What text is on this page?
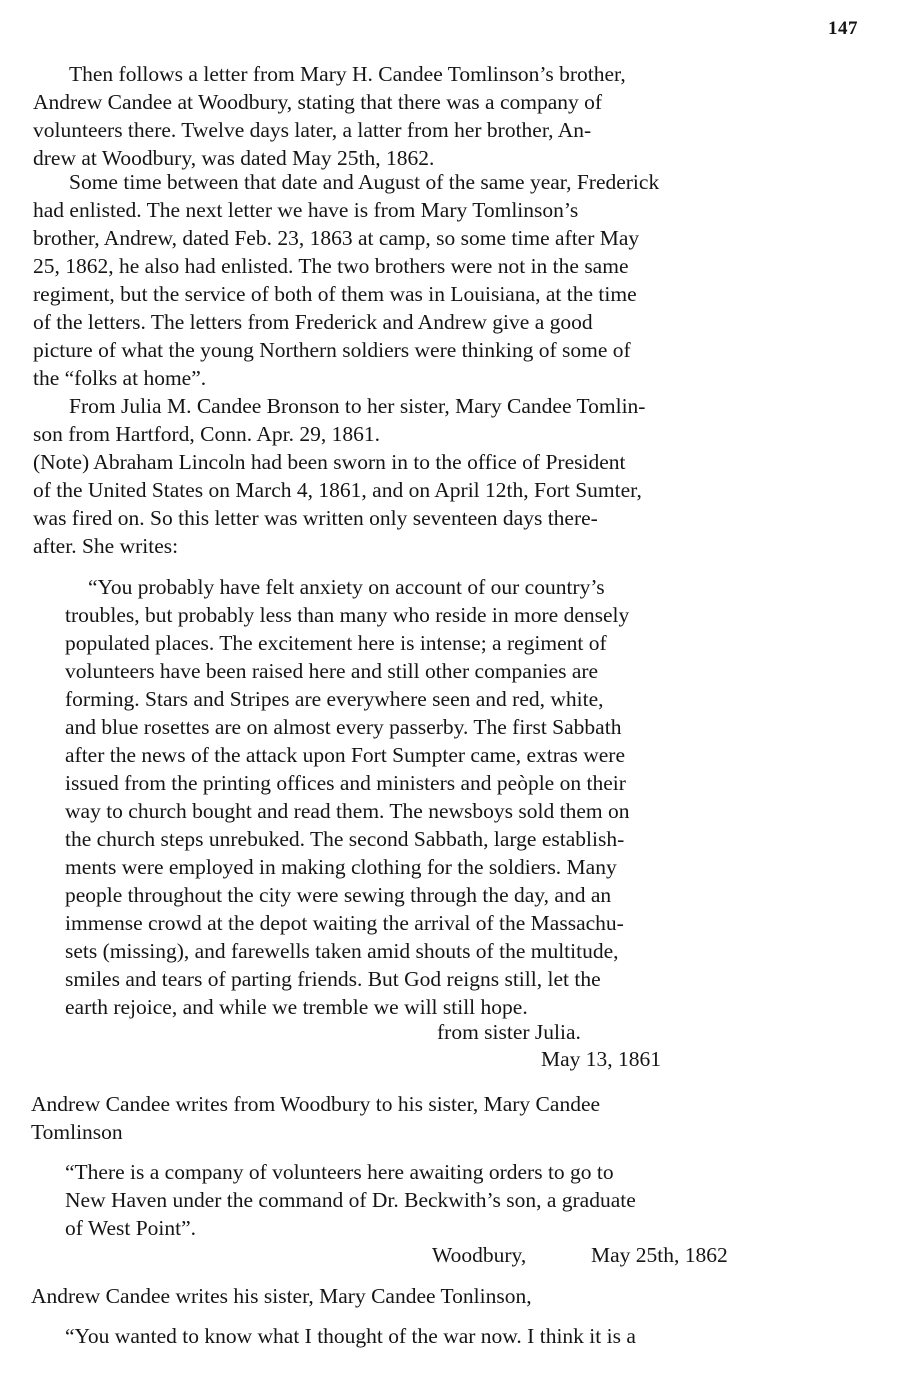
147

Then follows a letter from Mary H. Candee Tomlinson’s brother,
Andrew Candee at Woodbury, stating that there was a company of
volunteers there. Twelve days later, a latter from her brother, An-
drew at Woodbury, was dated May 25th, 1862.

Some time between that date and August of the same year, Frederick
had enlisted. The next letter we have is from Mary Tomlinson’s
brother, Andrew, dated Feb. 23, 1863 at camp, so some time after May
25, 1862, he also had enlisted. The two brothers were not in the same
regiment, but the service of both of them was in Louisiana, at the time
of the letters. The letters from Frederick and Andrew give a good
picture of what the young Northern soldiers were thinking of some of
the “folks at home”.

From Julia M. Candee Bronson to her sister, Mary Candee Tomlin-
son from Hartford, Conn. Apr. 29, 1861.

(Note) Abraham Lincoln had been sworn in to the office of President
of the United States on March 4, 1861, and on April 12th, Fort Sumter,
was fired on. So this letter was written only seventeen days there-
after. She writes:

“You probably have felt anxiety on account of our country’s
troubles, but probably less than many who reside in more densely
populated places. The excitement here is intense; a regiment of
volunteers have been raised here and still other companies are
forming. Stars and Stripes are everywhere seen and red, white,
and blue rosettes are on almost every passerby. The first Sabbath
after the news of the attack upon Fort Sumpter came, extras were
issued from the printing offices and ministers and peòple on their
way to church bought and read them. The newsboys sold them on
the church steps unrebuked. The second Sabbath, large establish-
ments were employed in making clothing for the soldiers. Many
people throughout the city were sewing through the day, and an
immense crowd at the depot waiting the arrival of the Massachu-
sets (missing), and farewells taken amid shouts of the multitude,
smiles and tears of parting friends. But God reigns still, let the
earth rejoice, and while we tremble we will still hope.

from sister Julia.
May 13, 1861

Andrew Candee writes from Woodbury to his sister, Mary Candee
Tomlinson

“There is a company of volunteers here awaiting orders to go to
New Haven under the command of Dr. Beckwith’s son, a graduate
of West Point”.

Woodbury,	May 25th, 1862

Andrew Candee writes his sister, Mary Candee Tonlinson,

“You wanted to know what I thought of the war now. I think it is a
